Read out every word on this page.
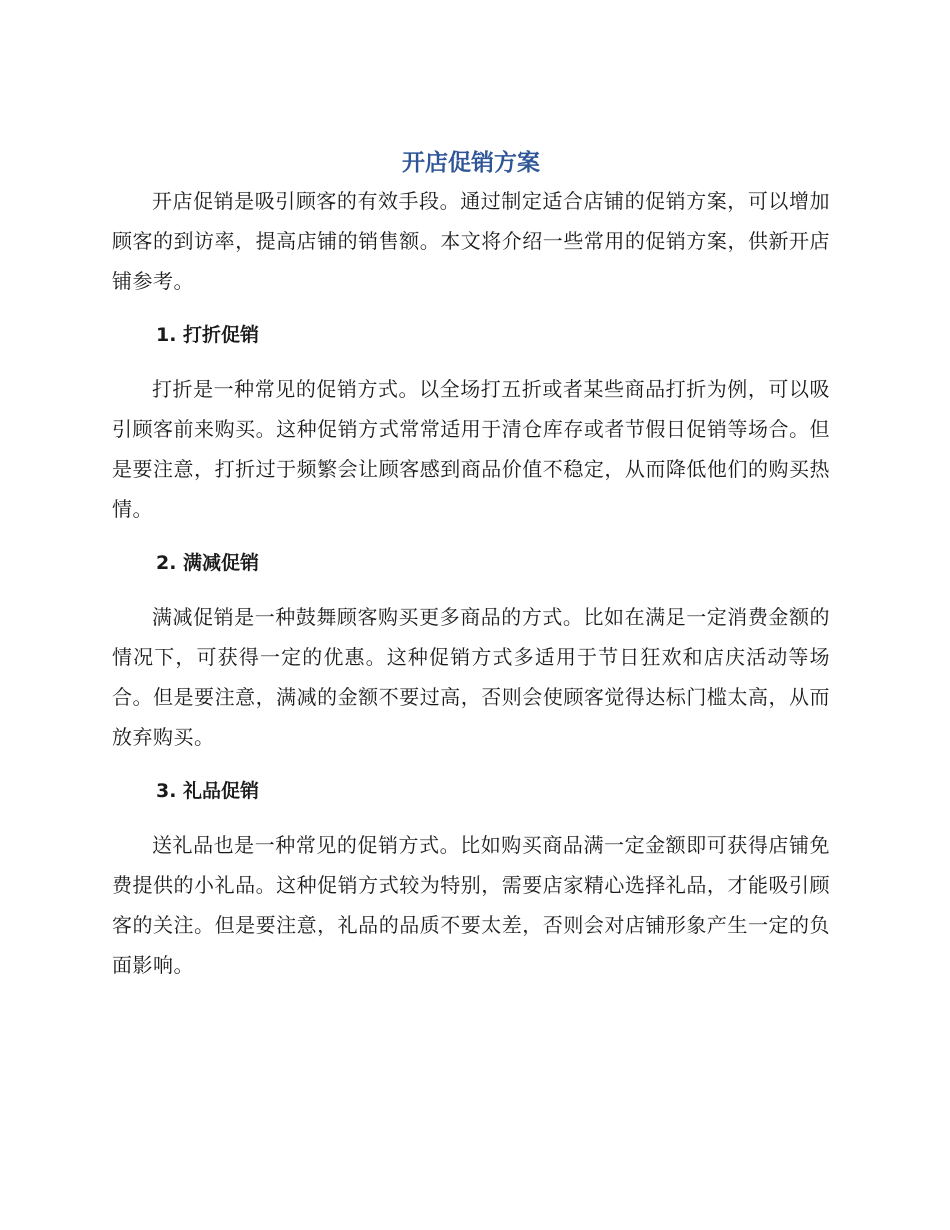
开店促销方案

开店促销是吸引顾客的有效手段。通过制定适合店铺的促销方案，可以增加顾客的到访率，提高店铺的销售额。本文将介绍一些常用的促销方案，供新开店铺参考。

1. 打折促销

打折是一种常见的促销方式。以全场打五折或者某些商品打折为例，可以吸引顾客前来购买。这种促销方式常常适用于清仓库存或者节假日促销等场合。但是要注意，打折过于频繁会让顾客感到商品价值不稳定，从而降低他们的购买热情。

2. 满减促销

满减促销是一种鼓舞顾客购买更多商品的方式。比如在满足一定消费金额的情况下，可获得一定的优惠。这种促销方式多适用于节日狂欢和店庆活动等场合。但是要注意，满减的金额不要过高，否则会使顾客觉得达标门槛太高，从而放弃购买。

3. 礼品促销

送礼品也是一种常见的促销方式。比如购买商品满一定金额即可获得店铺免费提供的小礼品。这种促销方式较为特别，需要店家精心选择礼品，才能吸引顾客的关注。但是要注意，礼品的品质不要太差，否则会对店铺形象产生一定的负面影响。
